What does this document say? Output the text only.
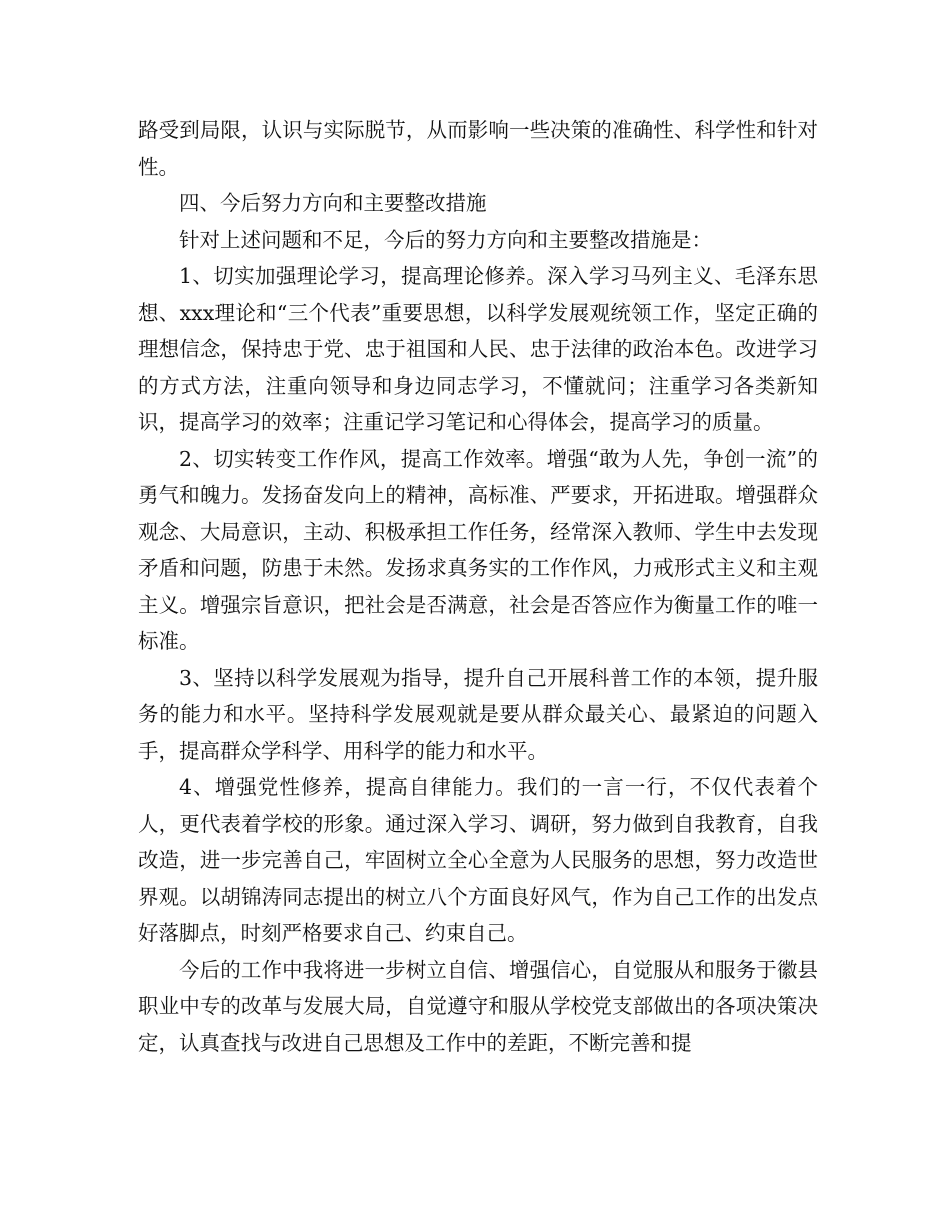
路受到局限，认识与实际脱节，从而影响一些决策的准确性、科学性和针对性。

四、今后努力方向和主要整改措施

针对上述问题和不足，今后的努力方向和主要整改措施是：

1、切实加强理论学习，提高理论修养。深入学习马列主义、毛泽东思想、xxx理论和“三个代表”重要思想，以科学发展观统领工作，坚定正确的理想信念，保持忠于党、忠于祖国和人民、忠于法律的政治本色。改进学习的方式方法，注重向领导和身边同志学习，不懂就问；注重学习各类新知识，提高学习的效率；注重记学习笔记和心得体会，提高学习的质量。

2、切实转变工作作风，提高工作效率。增强“敢为人先，争创一流”的勇气和魄力。发扬奋发向上的精神，高标准、严要求，开拓进取。增强群众观念、大局意识，主动、积极承担工作任务，经常深入教师、学生中去发现矛盾和问题，防患于未然。发扬求真务实的工作作风，力戒形式主义和主观主义。增强宗旨意识，把社会是否满意，社会是否答应作为衡量工作的唯一标准。

3、坚持以科学发展观为指导，提升自己开展科普工作的本领，提升服务的能力和水平。坚持科学发展观就是要从群众最关心、最紧迫的问题入手，提高群众学科学、用科学的能力和水平。

4、增强党性修养，提高自律能力。我们的一言一行，不仅代表着个人，更代表着学校的形象。通过深入学习、调研，努力做到自我教育，自我改造，进一步完善自己，牢固树立全心全意为人民服务的思想，努力改造世界观。以胡锦涛同志提出的树立八个方面良好风气，作为自己工作的出发点好落脚点，时刻严格要求自己、约束自己。

今后的工作中我将进一步树立自信、增强信心，自觉服从和服务于徽县职业中专的改革与发展大局，自觉遵守和服从学校党支部做出的各项决策决定，认真查找与改进自己思想及工作中的差距，不断完善和提
